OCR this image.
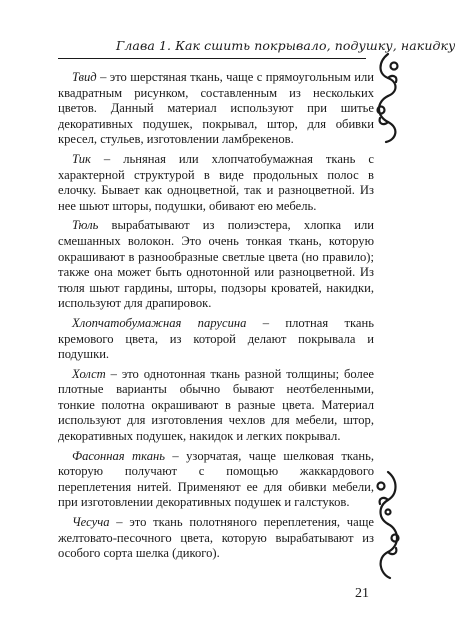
Глава 1. Как сшить покрывало, подушку, накидку

Твид – это шерстяная ткань, чаще с прямоугольным или квадратным рисунком, составленным из нескольких цветов. Данный материал используют при шитье декоративных подушек, покрывал, штор, для обивки кресел, стульев, изготовлении ламбрекенов.

Тик – льняная или хлопчатобумажная ткань с характерной структурой в виде продольных полос в елочку. Бывает как одноцветной, так и разноцветной. Из нее шьют шторы, подушки, обивают ею мебель.

Тюль вырабатывают из полиэстера, хлопка или смешанных волокон. Это очень тонкая ткань, которую окрашивают в разнообразные светлые цвета (но правило); также она может быть однотонной или разноцветной. Из тюля шьют гардины, шторы, подзоры кроватей, накидки, используют для драпировок.

Хлопчатобумажная парусина – плотная ткань кремового цвета, из которой делают покрывала и подушки.

Холст – это однотонная ткань разной толщины; более плотные варианты обычно бывают неотбеленными, тонкие полотна окрашивают в разные цвета. Материал используют для изготовления чехлов для мебели, штор, декоративных подушек, накидок и легких покрывал.

Фасонная ткань – узорчатая, чаще шелковая ткань, которую получают с помощью жаккардового переплетения нитей. Применяют ее для обивки мебели, при изготовлении декоративных подушек и галстуков.

Чесуча – это ткань полотняного переплетения, чаще желтовато-песочного цвета, которую вырабатывают из особого сорта шелка (дикого).

21
